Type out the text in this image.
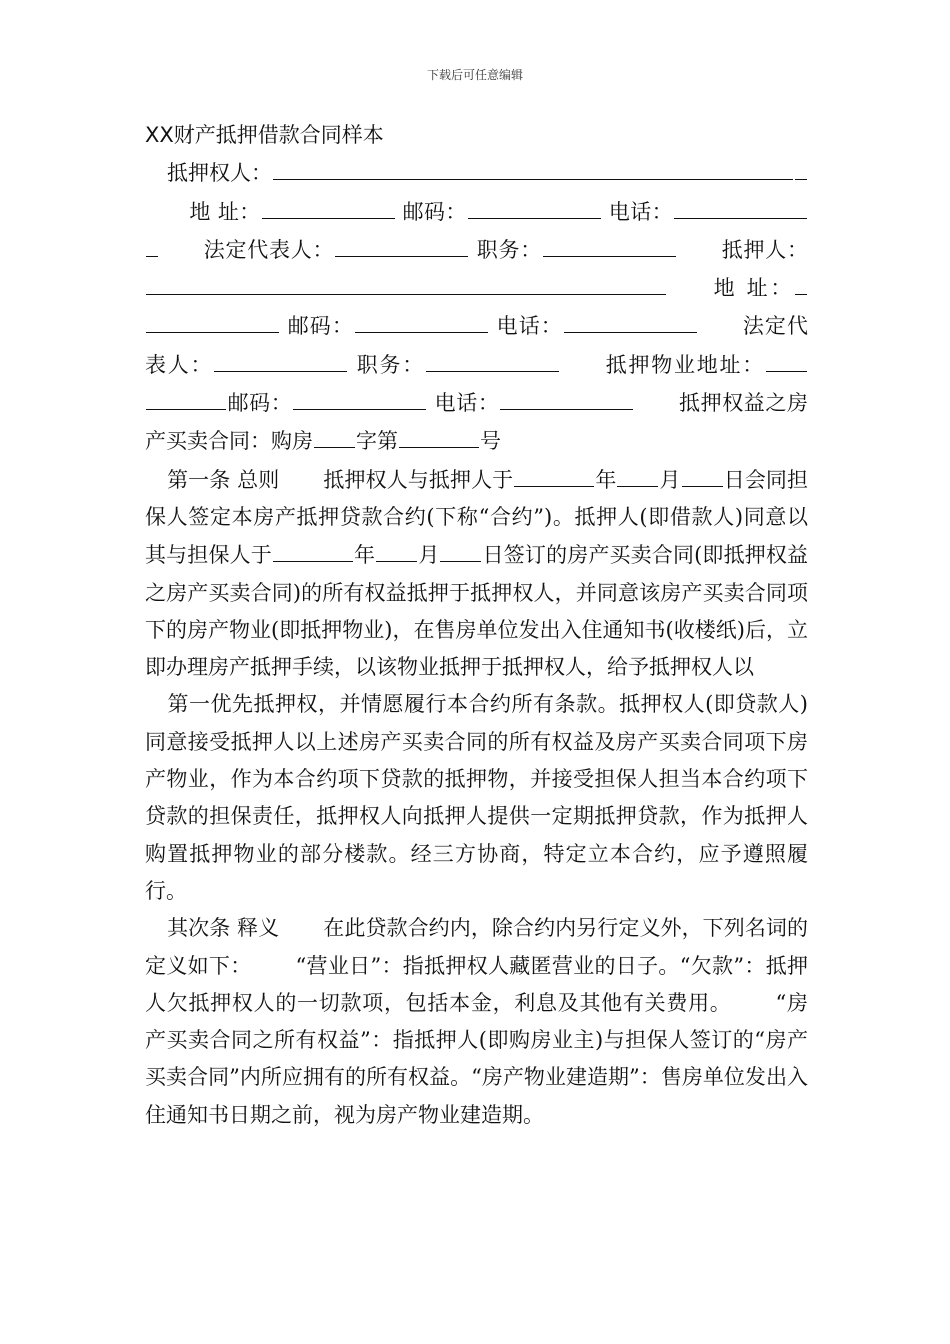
下载后可任意编辑

XX财产抵押借款合同样本

抵押权人：地 址：	邮码：	电话：法定代表人：	职务：	抵押人：地 址： 邮码：	电话：	法定代表人：	职务：	抵押物业地址：邮码：	电话：	抵押权益之房产买卖合同：购房 字第	号

第一条 总则 抵押权人与抵押人于	年 月 日会同担保人签定本房产抵押贷款合约(下称“合约”)。抵押人(即借款人)同意以其与担保人于	年 月 日签订的房产买卖合同(即抵押权益之房产买卖合同)的所有权益抵押于抵押权人，并同意该房产买卖合同项下的房产物业(即抵押物业)，在售房单位发出入住通知书(收楼纸)后，立即办理房产抵押手续，以该物业抵押于抵押权人，给予抵押权人以

第一优先抵押权，并情愿履行本合约所有条款。抵押权人(即贷款人)同意接受抵押人以上述房产买卖合同的所有权益及房产买卖合同项下房产物业，作为本合约项下贷款的抵押物，并接受担保人担当本合约项下贷款的担保责任，抵押权人向抵押人提供一定期抵押贷款，作为抵押人购置抵押物业的部分楼款。经三方协商，特定立本合约，应予遵照履行。

其次条 释义 在此贷款合约内，除合约内另行定义外，下列名词的定义如下： “营业日”：指抵押权人藏匿营业的日子。“欠款”：抵押人欠抵押权人的一切款项，包括本金，利息及其他有关费用。 “房产买卖合同之所有权益”：指抵押人(即购房业主)与担保人签订的“房产买卖合同”内所应拥有的所有权益。“房产物业建造期”：售房单位发出入住通知书日期之前，视为房产物业建造期。
